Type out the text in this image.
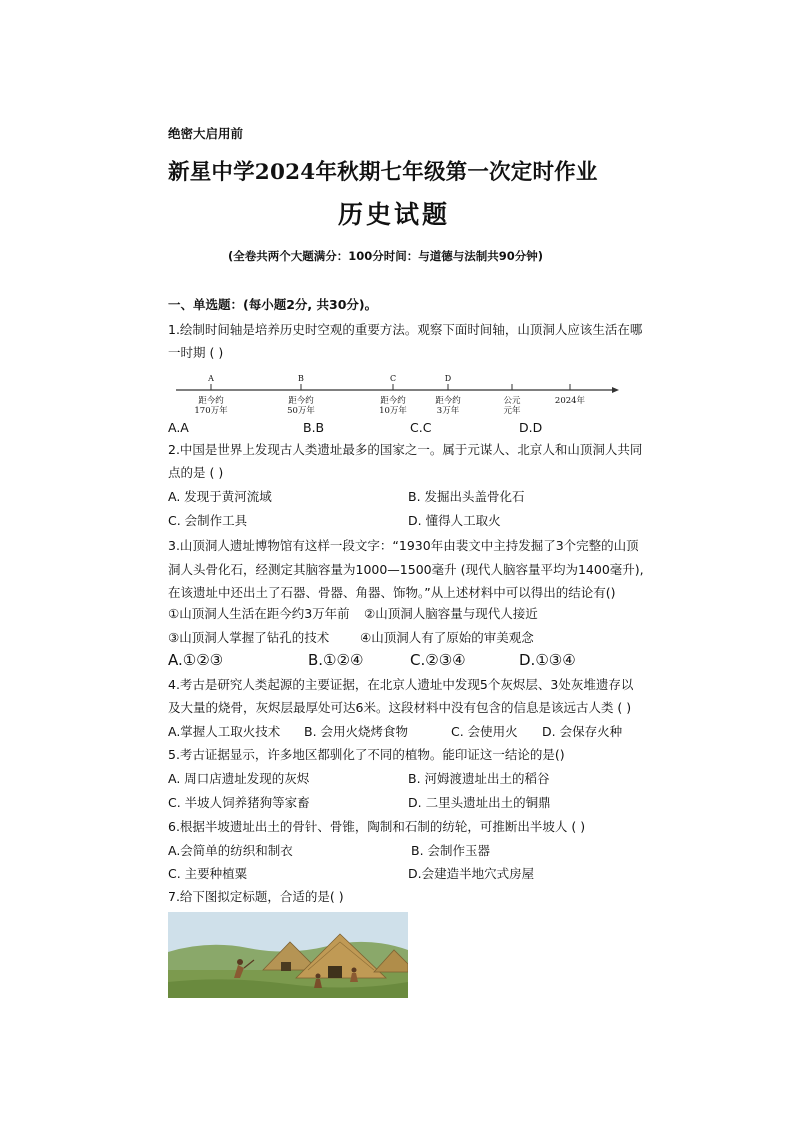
绝密大启用前
新星中学2024年秋期七年级第一次定时作业
历史试题
(全卷共两个大题满分：100分时间：与道德与法制共90分钟)
一、单选题：(每小题2分, 共30分)。
1.绘制时间轴是培养历史时空观的重要方法。观察下面时间轴，山顶洞人应该生活在哪
一时期 ( )
A
距今约
170万年
B
距今约
50万年
C
距今约
10万年
D
距今约
3万年
公元
元年
2024年
A.A	B.B	C.C	D.D
2.中国是世界上发现古人类遗址最多的国家之一。属于元谋人、北京人和山顶洞人共同
点的是 ( )
A. 发现于黄河流域	B. 发掘出头盖骨化石
C. 会制作工具	D. 懂得人工取火
3.山顶洞人遗址博物馆有这样一段文字：“1930年由裴文中主持发掘了3个完整的山顶
洞人头骨化石，经测定其脑容量为1000—1500毫升 (现代人脑容量平均为1400毫升),
在该遗址中还出土了石器、骨器、角器、饰物。”从上述材料中可以得出的结论有()
①山顶洞人生活在距今约3万年前 ②山顶洞人脑容量与现代人接近
③山顶洞人掌握了钻孔的技术 ④山顶洞人有了原始的审美观念
A.①②③	B.①②④	C.②③④	D.①③④
4.考古是研究人类起源的主要证据，在北京人遗址中发现5个灰烬层、3处灰堆遗存以
及大量的烧骨，灰烬层最厚处可达6米。这段材料中没有包含的信息是该远古人类 ( )
A.掌握人工取火技术 B. 会用火烧烤食物	C. 会使用火 D. 会保存火种
5.考古证据显示，许多地区都驯化了不同的植物。能印证这一结论的是()
A. 周口店遗址发现的灰烬	B. 河姆渡遗址出土的稻谷
C. 半坡人饲养猪狗等家畜	D. 二里头遗址出土的铜鼎
6.根据半坡遗址出土的骨针、骨锥，陶制和石制的纺轮，可推断出半坡人 ( )
A.会简单的纺织和制衣	B. 会制作玉器
C. 主要种植粟	D.会建造半地穴式房屋
7.给下图拟定标题，合适的是( )
